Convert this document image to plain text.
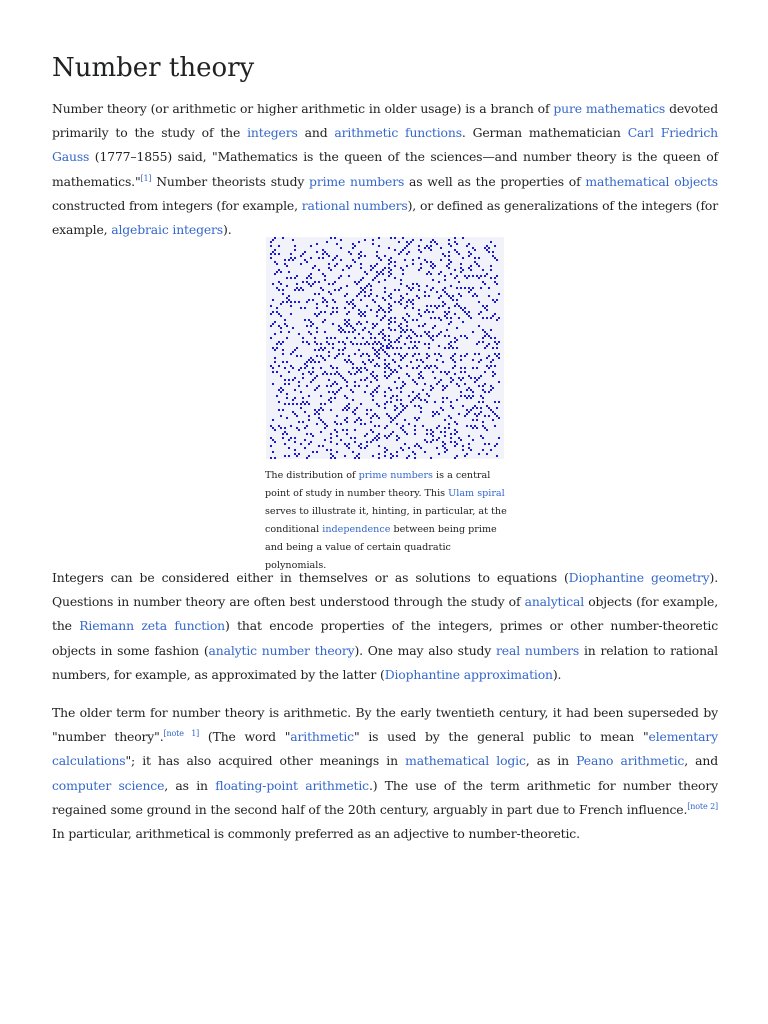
Number theory

Number theory (or arithmetic or higher arithmetic in older usage) is a branch of pure mathematics devoted primarily to the study of the integers and arithmetic functions. German mathematician Carl Friedrich Gauss (1777–1855) said, "Mathematics is the queen of the sciences—and number theory is the queen of mathematics."[1] Number theorists study prime numbers as well as the properties of mathematical objects constructed from integers (for example, rational numbers), or defined as generalizations of the integers (for example, algebraic integers).

The distribution of prime numbers is a central point of study in number theory. This Ulam spiral serves to illustrate it, hinting, in particular, at the conditional independence between being prime and being a value of certain quadratic polynomials.

Integers can be considered either in themselves or as solutions to equations (Diophantine geometry). Questions in number theory are often best understood through the study of analytical objects (for example, the Riemann zeta function) that encode properties of the integers, primes or other number-theoretic objects in some fashion (analytic number theory). One may also study real numbers in relation to rational numbers, for example, as approximated by the latter (Diophantine approximation).

The older term for number theory is arithmetic. By the early twentieth century, it had been superseded by "number theory".[note 1] (The word "arithmetic" is used by the general public to mean "elementary calculations"; it has also acquired other meanings in mathematical logic, as in Peano arithmetic, and computer science, as in floating-point arithmetic.) The use of the term arithmetic for number theory regained some ground in the second half of the 20th century, arguably in part due to French influence.[note 2] In particular, arithmetical is commonly preferred as an adjective to number-theoretic.
